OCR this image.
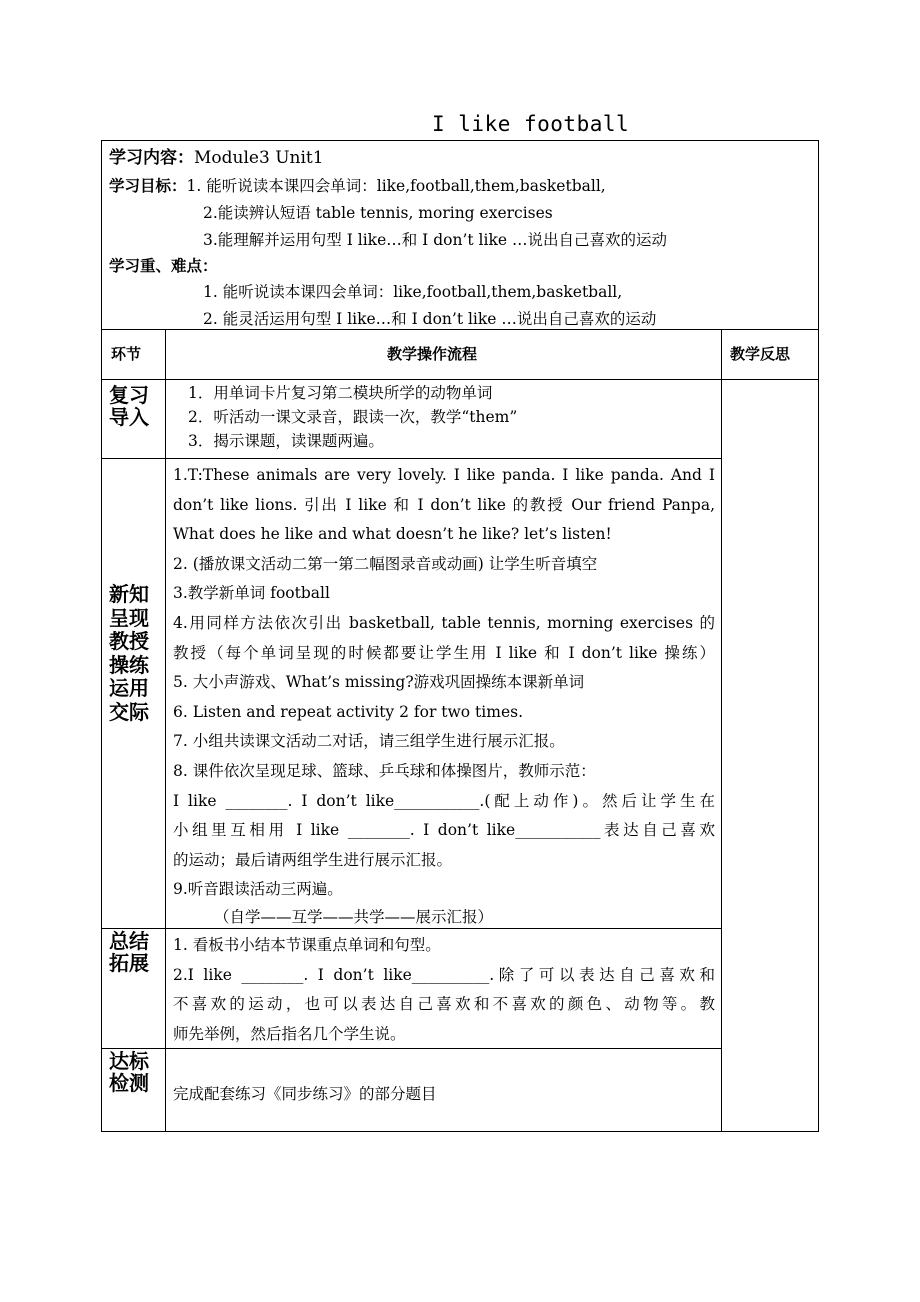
I like football
学习内容：Module3 Unit1
学习目标：1. 能听说读本课四会单词：like,football,them,basketball,
2.能读辨认短语 table tennis, moring exercises
3.能理解并运用句型 I like…和 I don’t like …说出自己喜欢的运动
学习重、难点：
1. 能听说读本课四会单词：like,football,them,basketball,
2. 能灵活运用句型 I like…和 I don’t like …说出自己喜欢的运动
环节	教学操作流程	教学反思
复习
导入
1．用单词卡片复习第二模块所学的动物单词
2．听活动一课文录音，跟读一次，教学“them”
3．揭示课题，读课题两遍。
新知
呈现
教授
操练
运用
交际
1.T:These animals are very lovely. I like panda. I like panda. And I
don’t like lions. 引出 I like 和 I don’t like 的教授 Our friend Panpa,
What does he like and what doesn’t he like? let’s listen!
2. (播放课文活动二第一第二幅图录音或动画) 让学生听音填空
3.教学新单词 football
4.用同样方法依次引出 basketball, table tennis, morning exercises 的
教授（每个单词呈现的时候都要让学生用 I like 和 I don’t like 操练）
5. 大小声游戏、What’s missing?游戏巩固操练本课新单词
6. Listen and repeat activity 2 for two times.
7. 小组共读课文活动二对话，请三组学生进行展示汇报。
8. 课件依次呈现足球、篮球、乒乓球和体操图片，教师示范：
I like ________. I don’t like___________.(配上动作)。然后让学生在
小组里互相用 I like ________. I don’t like___________表达自己喜欢
的运动；最后请两组学生进行展示汇报。
9.听音跟读活动三两遍。
（自学——互学——共学——展示汇报）
总结
拓展
1. 看板书小结本节课重点单词和句型。
2.I like ________. I don’t like__________.除了可以表达自己喜欢和
不喜欢的运动，也可以表达自己喜欢和不喜欢的颜色、动物等。教
师先举例，然后指名几个学生说。
达标
检测 完成配套练习《同步练习》的部分题目
